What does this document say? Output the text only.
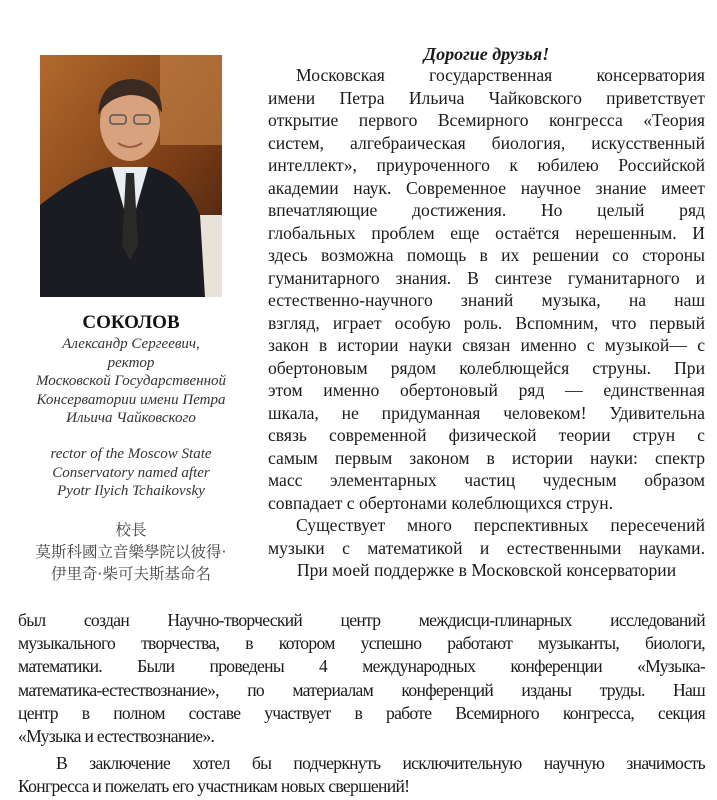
СОКОЛОВ
Александр Сергеевич,
ректор
Московской Государственной
Консерватории имени Петра
Ильича Чайковского
rector of the Moscow State
Conservatory named after
Pyotr Ilyich Tchaikovsky
校長
莫斯科國立音樂學院以彼得·
伊里奇·柴可夫斯基命名
Дорогие друзья!
Московская государственная консерватория
имени Петра Ильича Чайковского приветствует
открытие первого Всемирного конгресса «Теория
систем, алгебраическая биология, искусственный
интеллект», приуроченного к юбилею Российской
академии наук. Современное научное знание имеет
впечатляющие достижения. Но целый ряд
глобальных проблем еще остаётся нерешенным. И
здесь возможна помощь в их решении со стороны
гуманитарного знания. В синтезе гуманитарного и
естественно-научного знаний музыка, на наш
взгляд, играет особую роль. Вспомним, что первый
закон в истории науки связан именно с музыкой— с
обертоновым рядом колеблющейся струны. При
этом именно обертоновый ряд — единственная
шкала, не придуманная человеком! Удивительна
связь современной физической теории струн с
самым первым законом в истории науки: спектр
масс элементарных частиц чудесным образом
совпадает с обертонами колеблющихся струн.
Существует много перспективных пересечений
музыки с математикой и естественными науками.
При моей поддержке в Московской консерватории
был создан Научно-творческий центр междисци-плинарных исследований
музыкального творчества, в котором успешно работают музыканты, биологи,
математики. Были проведены 4 международных конференции «Музыка-
математика-естествознание», по материалам конференций изданы труды. Наш
центр в полном составе участвует в работе Всемирного конгресса, секция
«Музыка и естествознание».
В заключение хотел бы подчеркнуть исключительную научную значимость
Конгресса и пожелать его участникам новых свершений!
